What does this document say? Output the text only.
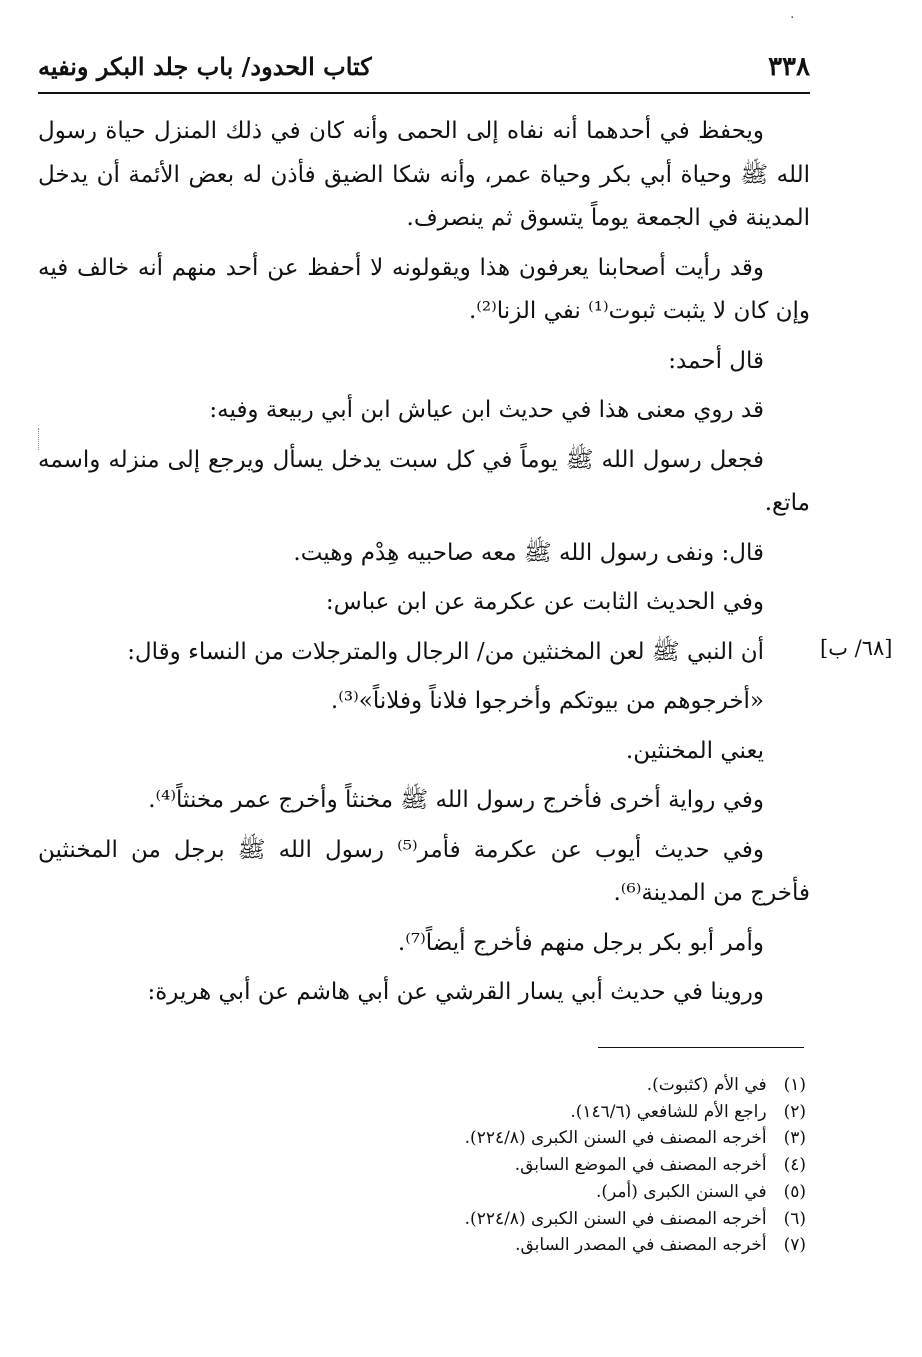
·
٣٣٨
كتاب الحدود/ باب جلد البكر ونفيه
[٦٨/ ب]

ويحفظ في أحدهما أنه نفاه إلى الحمى وأنه كان في ذلك المنزل حياة رسول الله ﷺ وحياة أبي بكر وحياة عمر، وأنه شكا الضيق فأذن له بعض الأئمة أن يدخل المدينة في الجمعة يوماً يتسوق ثم ينصرف.

وقد رأيت أصحابنا يعرفون هذا ويقولونه لا أحفظ عن أحد منهم أنه خالف فيه وإن كان لا يثبت ثبوت⁽¹⁾ نفي الزنا⁽²⁾.

قال أحمد:

قد روي معنى هذا في حديث ابن عياش ابن أبي ربيعة وفيه:

فجعل رسول الله ﷺ يوماً في كل سبت يدخل يسأل ويرجع إلى منزله واسمه ماتع.

قال: ونفى رسول الله ﷺ معه صاحبيه هِدْم وهيت.

وفي الحديث الثابت عن عكرمة عن ابن عباس:

أن النبي ﷺ لعن المخنثين من/ الرجال والمترجلات من النساء وقال:

«أخرجوهم من بيوتكم وأخرجوا فلاناً وفلاناً»⁽³⁾.

يعني المخنثين.

وفي رواية أخرى فأخرج رسول الله ﷺ مخنثاً وأخرج عمر مخنثاً⁽⁴⁾.

وفي حديث أيوب عن عكرمة فأمر⁽⁵⁾ رسول الله ﷺ برجل من المخنثين فأخرج من المدينة⁽⁶⁾.

وأمر أبو بكر برجل منهم فأخرج أيضاً⁽⁷⁾.

وروينا في حديث أبي يسار القرشي عن أبي هاشم عن أبي هريرة:

(١) في الأم (كثبوت).

(٢) راجع الأم للشافعي (١٤٦/٦).

(٣) أخرجه المصنف في السنن الكبرى (٢٢٤/٨).

(٤) أخرجه المصنف في الموضع السابق.

(٥) في السنن الكبرى (أمر).

(٦) أخرجه المصنف في السنن الكبرى (٢٢٤/٨).

(٧) أخرجه المصنف في المصدر السابق.
